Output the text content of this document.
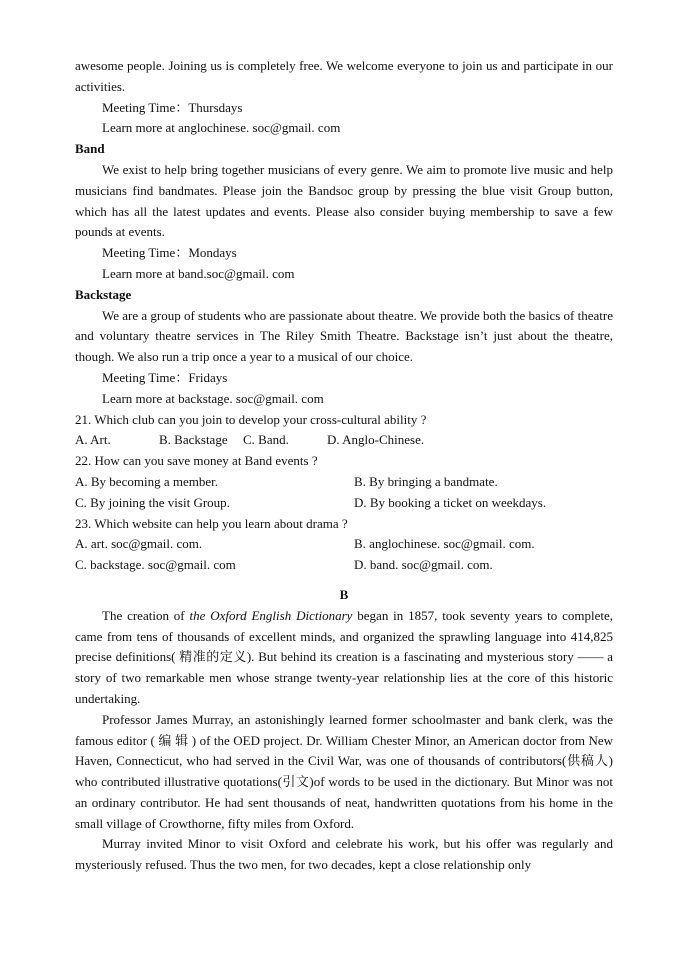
awesome people. Joining us is completely free. We welcome everyone to join us and participate in our activities.

Meeting Time：Thursdays

Learn more at anglochinese. soc@gmail. com

Band

We exist to help bring together musicians of every genre. We aim to promote live music and help musicians find bandmates. Please join the Bandsoc group by pressing the blue visit Group button, which has all the latest updates and events. Please also consider buying membership to save a few pounds at events.

Meeting Time：Mondays

Learn more at band.soc@gmail. com

Backstage

We are a group of students who are passionate about theatre. We provide both the basics of theatre and voluntary theatre services in The Riley Smith Theatre. Backstage isn’t just about the theatre, though. We also run a trip once a year to a musical of our choice.

Meeting Time：Fridays

Learn more at backstage. soc@gmail. com

21. Which club can you join to develop your cross-cultural ability ?

A. Art.	B. Backstage	C. Band.	D. Anglo-Chinese.

22. How can you save money at Band events ?

A. By becoming a member.	B. By bringing a bandmate.
C. By joining the visit Group.	D. By booking a ticket on weekdays.

23. Which website can help you learn about drama ?

A. art. soc@gmail. com.	B. anglochinese. soc@gmail. com.
C. backstage. soc@gmail. com	D. band. soc@gmail. com.

B

The creation of the Oxford English Dictionary began in 1857, took seventy years to complete, came from tens of thousands of excellent minds, and organized the sprawling language into 414,825 precise definitions( 精准的定义). But behind its creation is a fascinating and mysterious story —— a story of two remarkable men whose strange twenty-year relationship lies at the core of this historic undertaking.

Professor James Murray, an astonishingly learned former schoolmaster and bank clerk, was the famous editor ( 编 辑 ) of the OED project. Dr. William Chester Minor, an American doctor from New Haven, Connecticut, who had served in the Civil War, was one of thousands of contributors(供稿人) who contributed illustrative quotations(引文)of words to be used in the dictionary. But Minor was not an ordinary contributor. He had sent thousands of neat, handwritten quotations from his home in the small village of Crowthorne, fifty miles from Oxford.

Murray invited Minor to visit Oxford and celebrate his work, but his offer was regularly and mysteriously refused. Thus the two men, for two decades, kept a close relationship only
